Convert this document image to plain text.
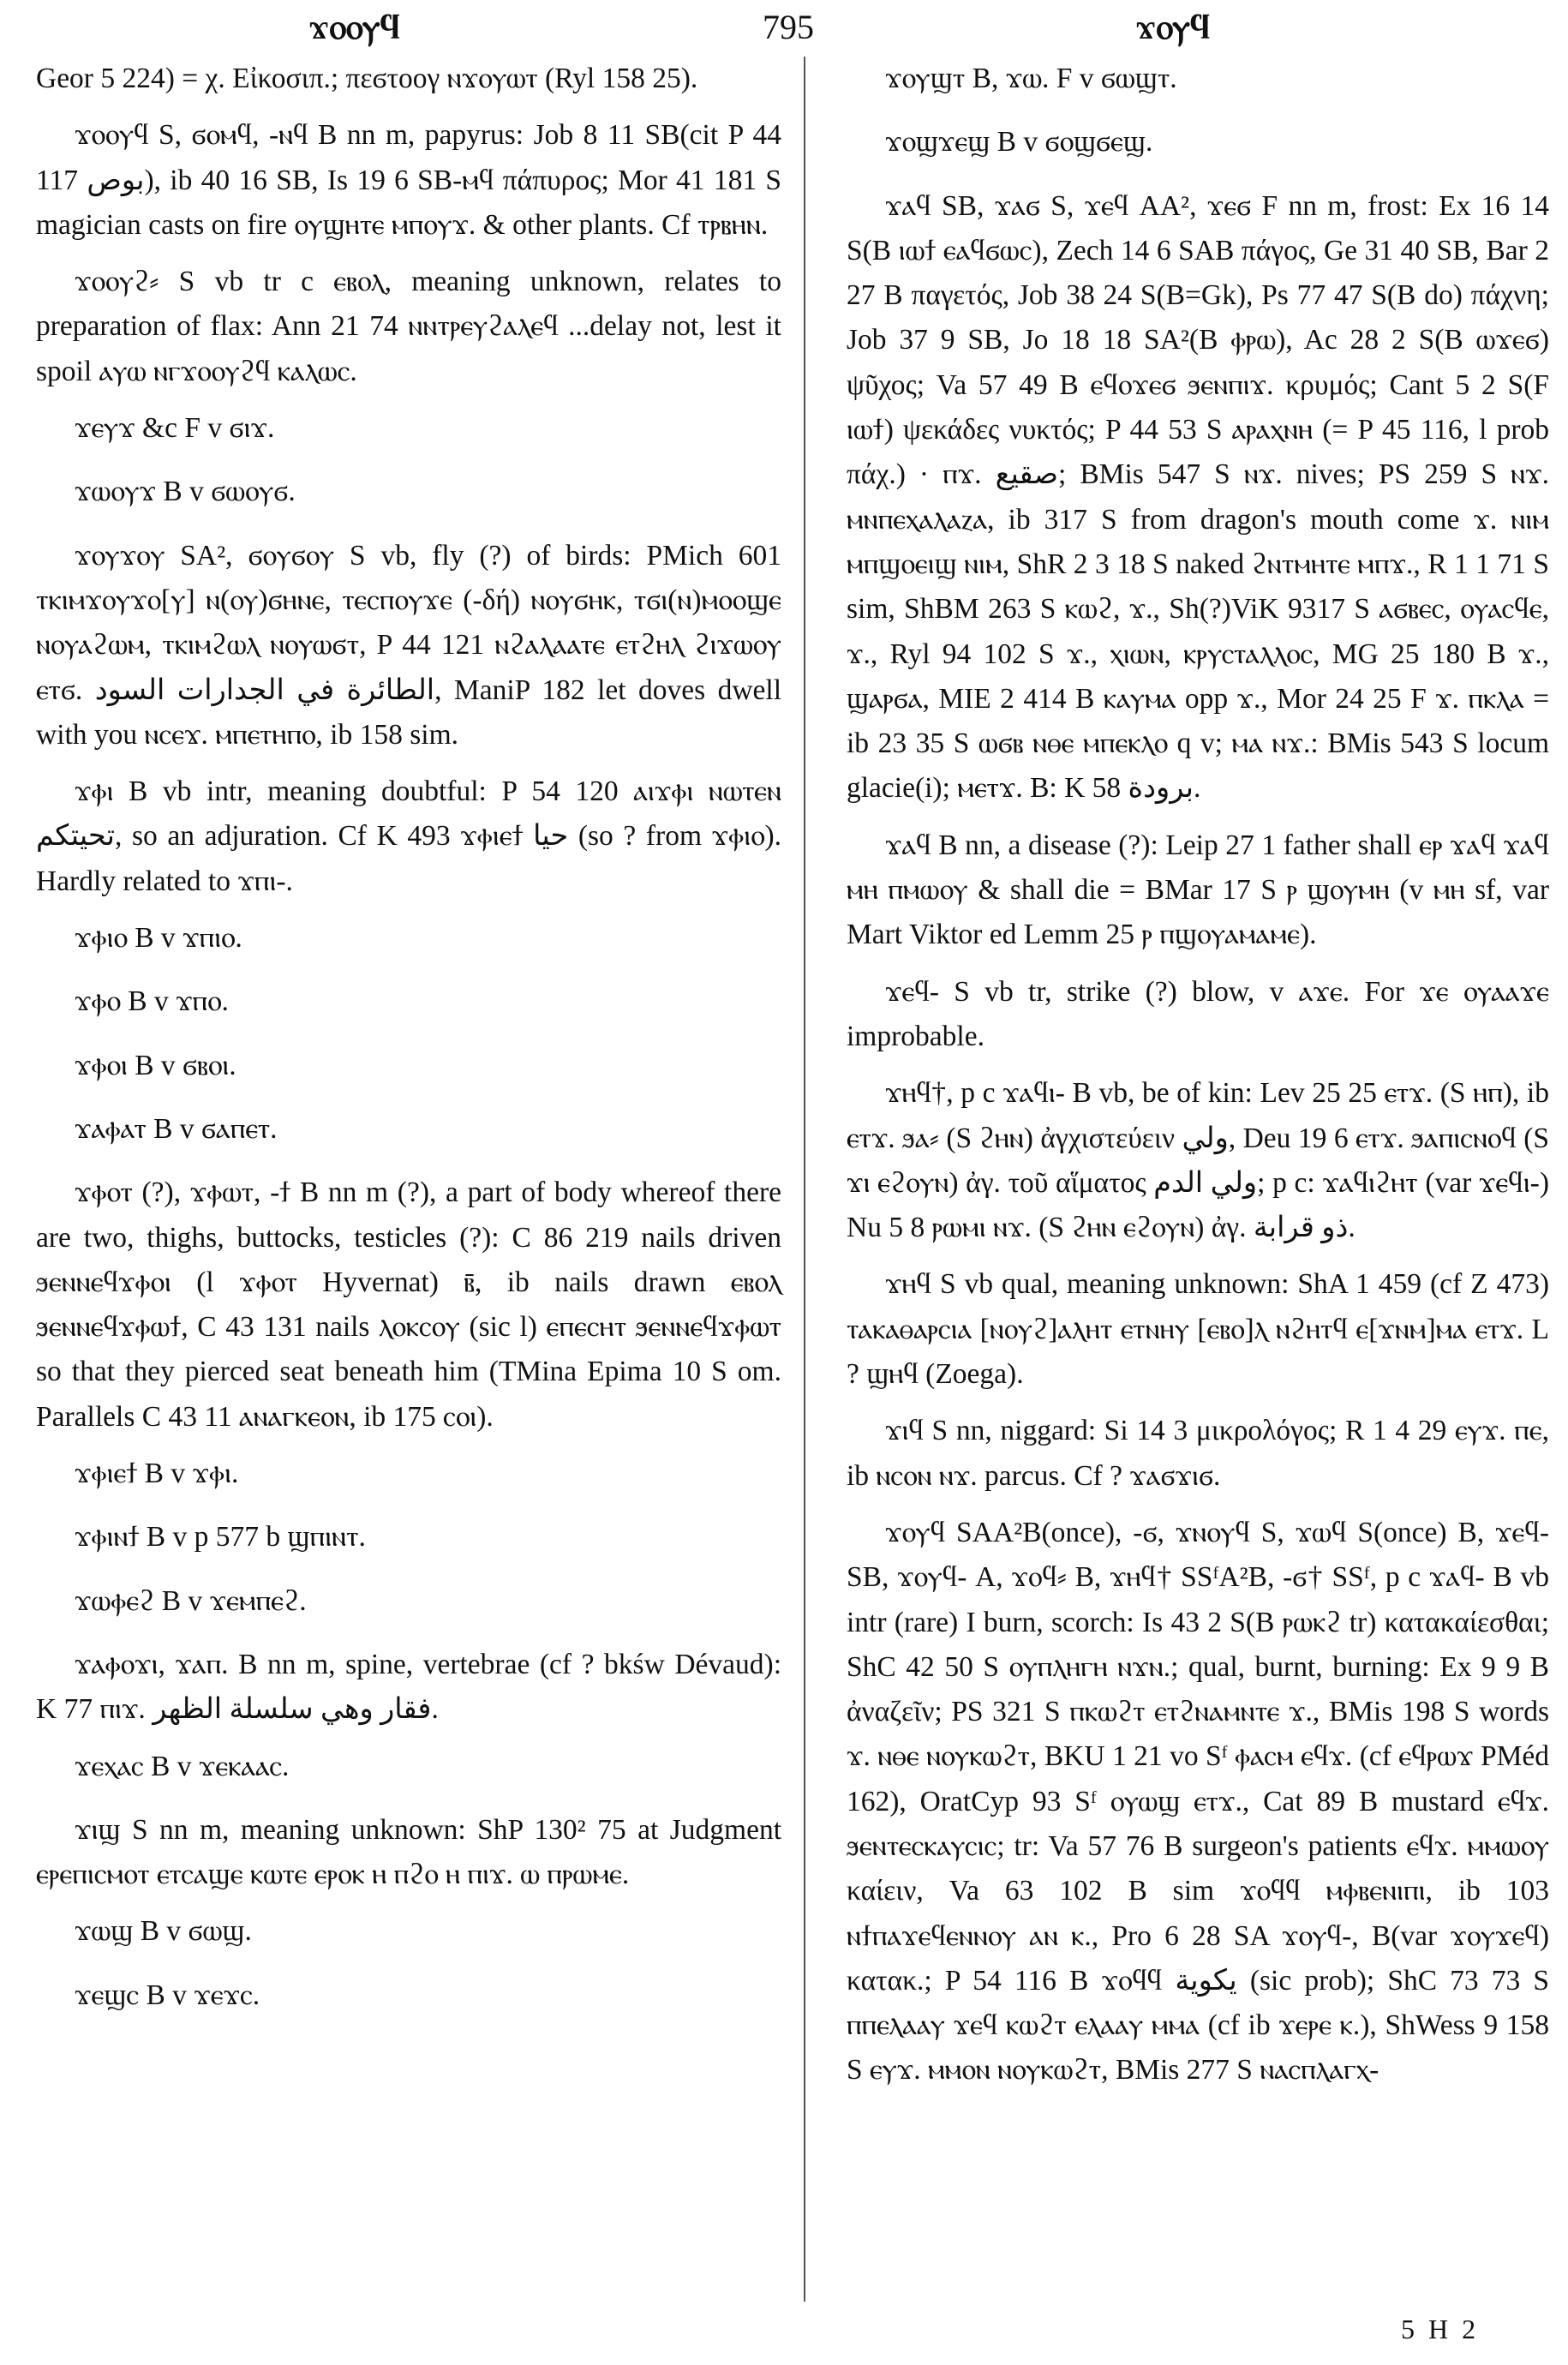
ϫⲟⲟⲩϥ	795	ϫⲟⲩϥ

Geor 5 224) = χ. Εἰκοσιπ.; πεϭτοογ ⲛϫⲟⲩⲱⲧ (Ryl 158 25).

ϫⲟⲟⲩϥ S, ϭⲟⲙϥ, -ⲛϥ B nn m, papyrus: Job 8 11 SB(cit P 44 117 بوص), ib 40 16 SB, Is 19 6 SB-ⲙϥ πάπυρος; Mor 41 181 S magician casts on fire ⲟⲩϣⲏⲧⲉ ⲙⲡⲟⲩϫ. & other plants. Cf ⲧⲣⲃⲏⲛ.

ϫⲟⲟⲩϩ⸗ S vb tr c ⲉⲃⲟⲗ, meaning unknown, relates to preparation of flax: Ann 21 74 ⲛⲛⲧⲣⲉⲩϩⲁⲗⲉϥ ...delay not, lest it spoil ⲁⲩⲱ ⲛⲅϫⲟⲟⲩϩϥ ⲕⲁⲗⲱⲥ.

ϫⲉⲩϫ &c F v ϭⲓϫ.

ϫⲱⲟⲩϫ B v ϭⲱⲟⲩϭ.

ϫⲟⲩϫⲟⲩ SA², ϭⲟⲩϭⲟⲩ S vb, fly (?) of birds: PMich 601 ⲧⲕⲓⲙϫⲟⲩϫⲟ[ⲩ] ⲛ(ⲟⲩ)ϭⲏⲛⲉ, ⲧⲉⲥⲡⲟⲩϫⲉ (-δή) ⲛⲟⲩϭⲏⲕ, ⲧϭⲓ(ⲛ)ⲙⲟⲟϣⲉ ⲛⲟⲩⲁϩⲱⲙ, ⲧⲕⲓⲙϩⲱⲗ ⲛⲟⲩⲱϭⲧ, P 44 121 ⲛϩⲁⲗⲁⲁⲧⲉ ⲉⲧϩⲏⲗ ϩⲓϫⲱⲟⲩ ⲉⲧϭ. الطائرة في الجدارات السود, ManiP 182 let doves dwell with you ⲛⲥⲉϫ. ⲙⲡⲉⲧⲏⲡⲟ, ib 158 sim.

ϫⲫⲓ B vb intr, meaning doubtful: P 54 120 ⲁⲓϫⲫⲓ ⲛⲱⲧⲉⲛ تحيتكم, so an adjuration. Cf K 493 ϫⲫⲓⲉϯ حيا (so ? from ϫⲫⲓⲟ). Hardly related to ϫⲡⲓ-.

ϫⲫⲓⲟ B v ϫⲡⲓⲟ.

ϫⲫⲟ B v ϫⲡⲟ.

ϫⲫⲟⲓ B v ϭⲃⲟⲓ.

ϫⲁⲫⲁⲧ B v ϭⲁⲡⲉⲧ.

ϫⲫⲟⲧ (?), ϫⲫⲱⲧ, -ϯ B nn m (?), a part of body whereof there are two, thighs, buttocks, testicles (?): C 86 219 nails driven ϧⲉⲛⲛⲉϥϫⲫⲟⲓ (l ϫⲫⲟⲧ Hyvernat) ⲃ̄, ib nails drawn ⲉⲃⲟⲗ ϧⲉⲛⲛⲉϥϫⲫⲱϯ, C 43 131 nails ⲗⲟⲕⲥⲟⲩ (sic l) ⲉⲡⲉⲥⲏⲧ ϧⲉⲛⲛⲉϥϫⲫⲱⲧ so that they pierced seat beneath him (TMina Epima 10 S om. Parallels C 43 11 ⲁⲛⲁⲅⲕⲉⲟⲛ, ib 175 ⲥⲟⲓ).

ϫⲫⲓⲉϯ B v ϫⲫⲓ.

ϫⲫⲓⲛϯ B v p 577 b ϣⲡⲓⲛⲧ.

ϫⲱⲫⲉϩ B v ϫⲉⲙⲡⲉϩ.

ϫⲁⲫⲟϫⲓ, ϫⲁⲡ. B nn m, spine, vertebrae (cf ? bkśw Dévaud): K 77 ⲡⲓϫ. فقار وهي سلسلة الظهر.

ϫⲉⲭⲁⲥ B v ϫⲉⲕⲁⲁⲥ.

ϫⲓϣ S nn m, meaning unknown: ShP 130² 75 at Judgment ⲉⲣⲉⲡⲓⲥⲙⲟⲧ ⲉⲧⲥⲁϣⲉ ⲕⲱⲧⲉ ⲉⲣⲟⲕ ⲏ ⲡϩⲟ ⲏ ⲡⲓϫ. ⲱ ⲡⲣⲱⲙⲉ.

ϫⲱϣ B v ϭⲱϣ.

ϫⲉϣⲥ B v ϫⲉϫⲥ.

ϫⲟⲩϣⲧ B, ϫⲱ. F v ϭⲱϣⲧ.

ϫⲟϣϫⲉϣ B v ϭⲟϣϭⲉϣ.

ϫⲁϥ SB, ϫⲁϭ S, ϫⲉϥ AA², ϫⲉϭ F nn m, frost: Ex 16 14 S(B ⲓⲱϯ ⲉⲁϥϭⲱⲥ), Zech 14 6 SAB πάγος, Ge 31 40 SB, Bar 2 27 B παγετός, Job 38 24 S(B=Gk), Ps 77 47 S(B do) πάχνη; Job 37 9 SB, Jo 18 18 SA²(B ⲫⲣⲱ), Ac 28 2 S(B ⲱϫⲉϭ) ψῦχος; Va 57 49 B ⲉϥⲟϫⲉϭ ϧⲉⲛⲡⲓϫ. κρυμός; Cant 5 2 S(F ⲓⲱϯ) ψεκάδες νυκτός; P 44 53 S ⲁⲣⲁⲭⲛⲏ (= P 45 116, l prob πάχ.) · ⲡϫ. صقيع; BMis 547 S ⲛϫ. nives; PS 259 S ⲛϫ. ⲙⲛⲡⲉⲭⲁⲗⲁⲍⲁ, ib 317 S from dragon's mouth come ϫ. ⲛⲓⲙ ⲙⲡϣⲟⲉⲓϣ ⲛⲓⲙ, ShR 2 3 18 S naked ϩⲛⲧⲙⲏⲧⲉ ⲙⲡϫ., R 1 1 71 S sim, ShBM 263 S ⲕⲱϩ, ϫ., Sh(?)ViK 9317 S ⲁϭⲃⲉⲥ, ⲟⲩⲁⲥϥⲉ, ϫ., Ryl 94 102 S ϫ., ⲭⲓⲱⲛ, ⲕⲣⲩⲥⲧⲁⲗⲗⲟⲥ, MG 25 180 B ϫ., ϣⲁⲣϭⲁ, MIE 2 414 B ⲕⲁⲩⲙⲁ opp ϫ., Mor 24 25 F ϫ. ⲡⲕⲗⲁ = ib 23 35 S ⲱϭⲃ ⲛⲑⲉ ⲙⲡⲉⲕⲗⲟ q v; ⲙⲁ ⲛϫ.: BMis 543 S locum glacie(i); ⲙⲉⲧϫ. B: K 58 برودة.

ϫⲁϥ B nn, a disease (?): Leip 27 1 father shall ⲉⲣ ϫⲁϥ ϫⲁϥ ⲙⲏ ⲡⲙⲱⲟⲩ & shall die = BMar 17 S ⲣ ϣⲟⲩⲙⲏ (v ⲙⲏ sf, var Mart Viktor ed Lemm 25 ⲣ ⲡϣⲟⲩⲁⲙⲁⲙⲉ).

ϫⲉϥ- S vb tr, strike (?) blow, v ⲁϫⲉ. For ϫⲉ ⲟⲩⲁⲁϫⲉ improbable.

ϫⲏϥ†, p c ϫⲁϥⲓ- B vb, be of kin: Lev 25 25 ⲉⲧϫ. (S ⲏⲡ), ib ⲉⲧϫ. ϧⲁ⸗ (S ϩⲏⲛ) ἀγχιστεύειν ولي, Deu 19 6 ⲉⲧϫ. ϧⲁⲡⲓⲥⲛⲟϥ (S ϫⲓ ⲉϩⲟⲩⲛ) ἀγ. τοῦ αἵματος ولي الدم; p c: ϫⲁϥⲓϩⲏⲧ (var ϫⲉϥⲓ-) Nu 5 8 ⲣⲱⲙⲓ ⲛϫ. (S ϩⲏⲛ ⲉϩⲟⲩⲛ) ἀγ. ذو قرابة.

ϫⲏϥ S vb qual, meaning unknown: ShA 1 459 (cf Z 473) ⲧⲁⲕⲁⲑⲁⲣⲥⲓⲁ [ⲛⲟⲩϩ]ⲁⲗⲏⲧ ⲉⲧⲛⲏⲩ [ⲉⲃⲟ]ⲗ ⲛϩⲏⲧϥ ⲉ[ϫⲛⲙ]ⲙⲁ ⲉⲧϫ. L ? ϣⲏϥ (Zoega).

ϫⲓϥ S nn, niggard: Si 14 3 μικρολόγος; R 1 4 29 ⲉⲩϫ. ⲡⲉ, ib ⲛⲥⲟⲛ ⲛϫ. parcus. Cf ? ϫⲁϭϫⲓϭ.

ϫⲟⲩϥ SAA²B(once), -ϭ, ϫⲛⲟⲩϥ S, ϫⲱϥ S(once) B, ϫⲉϥ- SB, ϫⲟⲩϥ- A, ϫⲟϥ⸗ B, ϫⲏϥ† SSᶠA²B, -ϭ† SSᶠ, p c ϫⲁϥ- B vb intr (rare) I burn, scorch: Is 43 2 S(B ⲣⲱⲕϩ tr) κατακαίεσθαι; ShC 42 50 S ⲟⲩⲡⲗⲏⲅⲏ ⲛϫⲛ.; qual, burnt, burning: Ex 9 9 B ἀναζεῖν; PS 321 S ⲡⲕⲱϩⲧ ⲉⲧϩⲛⲁⲙⲛⲧⲉ ϫ., BMis 198 S words ϫ. ⲛⲑⲉ ⲛⲟⲩⲕⲱϩⲧ, BKU 1 21 vo Sᶠ ⲫⲁⲥⲙ ⲉϥϫ. (cf ⲉϥⲣⲱϫ PMéd 162), OratCyp 93 Sᶠ ⲟⲩⲱϣ ⲉⲧϫ., Cat 89 B mustard ⲉϥϫ. ϧⲉⲛⲧⲉⲥⲕⲁⲩⲥⲓⲥ; tr: Va 57 76 B surgeon's patients ⲉϥϫ. ⲙⲙⲱⲟⲩ καίειν, Va 63 102 B sim ϫⲟϥϥ ⲙⲫⲃⲉⲛⲓⲡⲓ, ib 103 ⲛϯⲡⲁϫⲉϥⲉⲛⲛⲟⲩ ⲁⲛ ⲕ., Pro 6 28 SA ϫⲟⲩϥ-, B(var ϫⲟⲩϫⲉϥ) κατακ.; P 54 116 B ϫⲟϥϥ يكوية (sic prob); ShC 73 73 S ⲡⲡⲉⲗⲁⲁⲩ ϫⲉϥ ⲕⲱϩⲧ ⲉⲗⲁⲁⲩ ⲙⲙⲁ (cf ib ϫⲉⲣⲉ ⲕ.), ShWess 9 158 S ⲉⲩϫ. ⲙⲙⲟⲛ ⲛⲟⲩⲕⲱϩⲧ, BMis 277 S ⲛⲁⲥⲡⲗⲁⲅⲭ-

5 H 2
